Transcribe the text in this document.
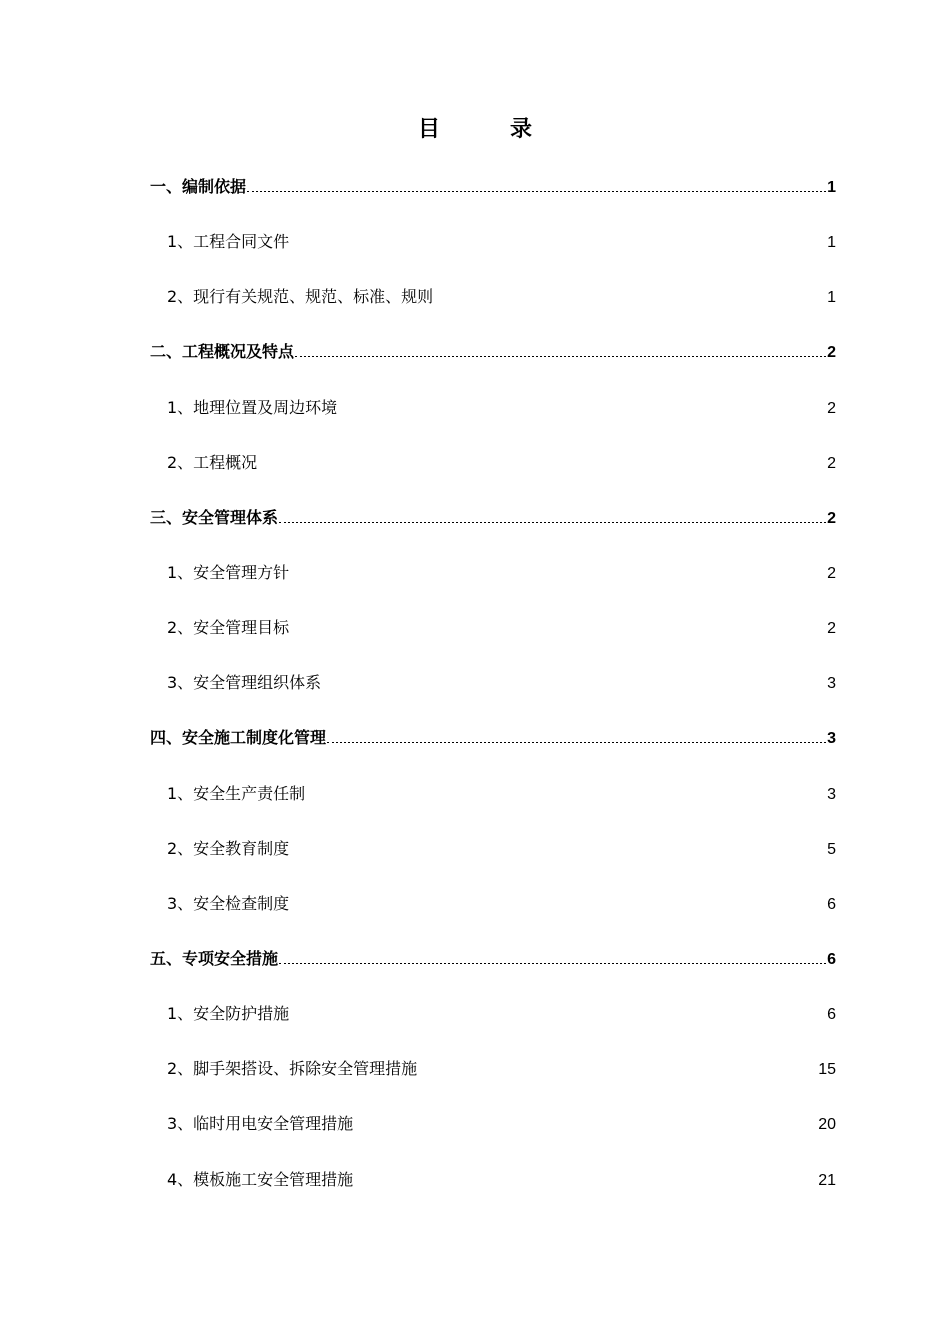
目	录
一、编制依据	1
1、工程合同文件	1
2、现行有关规范、规范、标准、规则	1
二、工程概况及特点	2
1、地理位置及周边环境	2
2、工程概况	2
三、安全管理体系	2
1、安全管理方针	2
2、安全管理目标	2
3、安全管理组织体系	3
四、安全施工制度化管理	3
1、安全生产责任制	3
2、安全教育制度	5
3、安全检查制度	6
五、专项安全措施	6
1、安全防护措施	6
2、脚手架搭设、拆除安全管理措施	15
3、临时用电安全管理措施	20
4、模板施工安全管理措施	21
